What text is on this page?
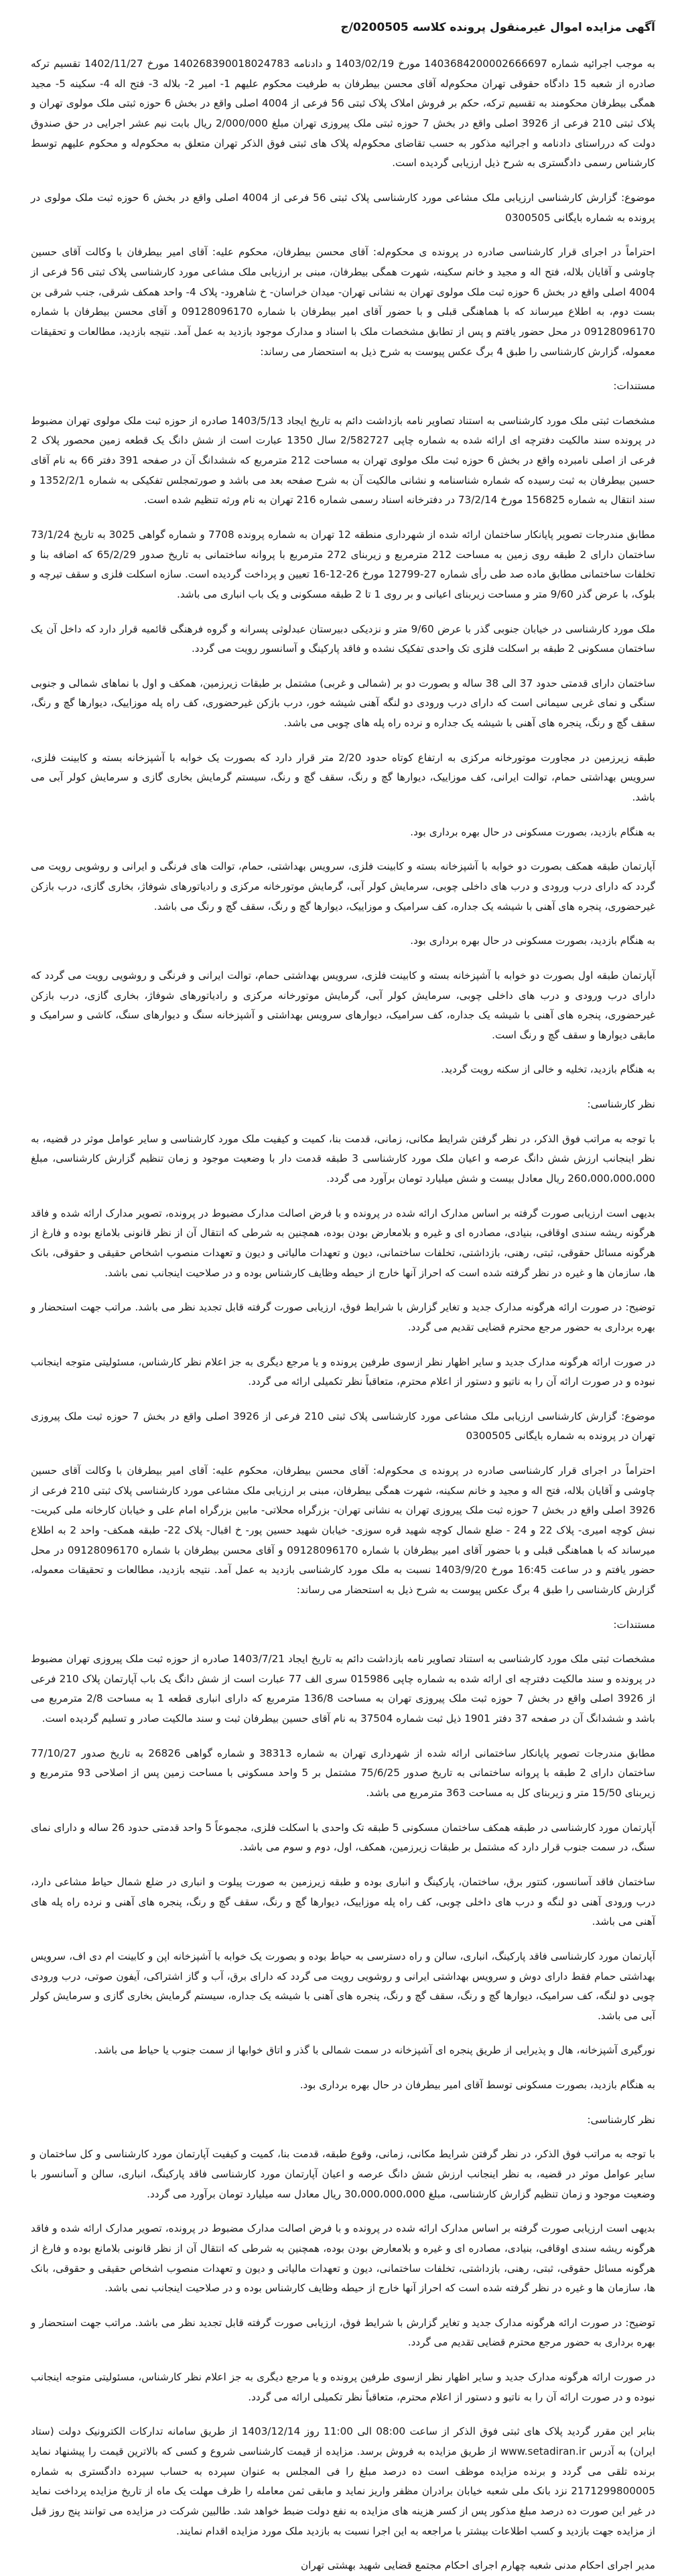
آگهی مزایده اموال غیرمنقول پرونده کلاسه 0200505/ج

به موجب اجرائیه شماره 1403684200002666697 مورخ 1403/02/19 و دادنامه 140268390018024783 مورخ 1402/11/27 تقسیم ترکه صادره از شعبه 15 دادگاه حقوقی تهران محکوم‌له آقای محسن بیطرفان به طرفیت محکوم علیهم 1- امیر 2- بلاله 3- فتح اله 4- سکینه 5- مجید همگی بیطرفان محکومند به تقسیم ترکه، حکم بر فروش املاک پلاک ثبتی 56 فرعی از 4004 اصلی واقع در بخش 6 حوزه ثبتی ملک مولوی تهران و پلاک ثبتی 210 فرعی از 3926 اصلی واقع در بخش 7 حوزه ثبتی ملک پیروزی تهران مبلغ 2/000/000 ریال بابت نیم عشر اجرایی در حق صندوق دولت که درراستای دادنامه و اجرائیه مذکور به حسب تقاضای محکوم‌له پلاک های ثبتی فوق الذکر تهران متعلق به محکوم‌له و محکوم علیهم توسط کارشناس رسمی دادگستری به شرح ذیل ارزیابی گردیده است.

موضوع: گزارش کارشناسی ارزیابی ملک مشاعی مورد کارشناسی پلاک ثبتی 56 فرعی از 4004 اصلی واقع در بخش 6 حوزه ثبت ملک مولوی در پرونده به شماره بایگانی 0300505

احتراماً در اجرای قرار کارشناسی صادره در پرونده ی محکوم‌له: آقای محسن بیطرفان، محکوم علیه: آقای امیر بیطرفان با وکالت آقای حسین چاوشی و آقایان بلاله، فتح اله و مجید و خانم سکینه، شهرت همگی بیطرفان، مبنی بر ارزیابی ملک مشاعی مورد کارشناسی پلاک ثبتی 56 فرعی از 4004 اصلی واقع در بخش 6 حوزه ثبت ملک مولوی تهران به نشانی تهران- میدان خراسان- خ شاهرود- پلاک 4- واحد همکف شرقی، جنب شرقی بن بست دوم، به اطلاع میرساند که با هماهنگی قبلی و با حضور آقای امیر بیطرفان با شماره 09128096170 و آقای محسن بیطرفان با شماره 09128096170 در محل حضور یافتم و پس از تطابق مشخصات ملک با اسناد و مدارک موجود بازدید به عمل آمد. نتیجه بازدید، مطالعات و تحقیقات معموله، گزارش کارشناسی را طبق 4 برگ عکس پیوست به شرح ذیل به استحضار می رساند:

مستندات:

مشخصات ثبتی ملک مورد کارشناسی به استناد تصاویر نامه بازداشت دائم به تاریخ ایجاد 1403/5/13 صادره از حوزه ثبت ملک مولوی تهران مضبوط در پرونده سند مالکیت دفترچه ای ارائه شده به شماره چاپی 2/582727 سال 1350 عبارت است از شش دانگ یک قطعه زمین محصور پلاک 2 فرعی از اصلی نامبرده واقع در بخش 6 حوزه ثبت ملک مولوی تهران به مساحت 212 مترمربع که ششدانگ آن در صفحه 391 دفتر 66 به نام آقای حسین بیطرفان به ثبت رسیده که شماره شناسنامه و نشانی مالکیت آن به شرح صفحه بعد می باشد و صورتمجلس تفکیکی به شماره 1352/2/1 و سند انتقال به شماره 156825 مورخ 73/2/14 در دفترخانه اسناد رسمی شماره 216 تهران به نام ورثه تنظیم شده است.

مطابق مندرجات تصویر پایانکار ساختمان ارائه شده از شهرداری منطقه 12 تهران به شماره پرونده 7708 و شماره گواهی 3025 به تاریخ 73/1/24 ساختمان دارای 2 طبقه روی زمین به مساحت 212 مترمربع و زیربنای 272 مترمربع با پروانه ساختمانی به تاریخ صدور 65/2/29 که اضافه بنا و تخلفات ساختمانی مطابق ماده صد طی رأی شماره 27-12799 مورخ 26-12-16 تعیین و پرداخت گردیده است. سازه اسکلت فلزی و سقف تیرچه و بلوک، با عرض گذر 9/60 متر و مساحت زیربنای اعیانی و بر روی 1 تا 2 طبقه مسکونی و یک باب انباری می باشد.

ملک مورد کارشناسی در خیابان جنوبی گذر با عرض 9/60 متر و نزدیکی دبیرستان عبدلوثی پسرانه و گروه فرهنگی قائمیه قرار دارد که داخل آن یک ساختمان مسکونی 2 طبقه بر اسکلت فلزی تک واحدی تفکیک نشده و فاقد پارکینگ و آسانسور رویت می گردد.

ساختمان دارای قدمتی حدود 37 الی 38 ساله و بصورت دو بر (شمالی و غربی) مشتمل بر طبقات زیرزمین، همکف و اول با نماهای شمالی و جنوبی سنگی و نمای غربی سیمانی است که دارای درب ورودی دو لنگه آهنی شیشه خور، درب بازکن غیرحضوری، کف راه پله موزاییک، دیوارها گچ و رنگ، سقف گچ و رنگ، پنجره های آهنی با شیشه یک جداره و نرده راه پله های چوبی می باشد.

طبقه زیرزمین در مجاورت موتورخانه مرکزی به ارتفاع کوتاه حدود 2/20 متر قرار دارد که بصورت یک خوابه با آشپزخانه بسته و کابینت فلزی، سرویس بهداشتی حمام، توالت ایرانی، کف موزاییک، دیوارها گچ و رنگ، سقف گچ و رنگ، سیستم گرمایش بخاری گازی و سرمایش کولر آبی می باشد.

به هنگام بازدید، بصورت مسکونی در حال بهره برداری بود.

آپارتمان طبقه همکف بصورت دو خوابه با آشپزخانه بسته و کابینت فلزی، سرویس بهداشتی، حمام، توالت های فرنگی و ایرانی و روشویی رویت می گردد که دارای درب ورودی و درب های داخلی چوبی، سرمایش کولر آبی، گرمایش موتورخانه مرکزی و رادیاتورهای شوفاژ، بخاری گازی، درب بازکن غیرحضوری، پنجره های آهنی با شیشه یک جداره، کف سرامیک و موزاییک، دیوارها گچ و رنگ، سقف گچ و رنگ می باشد.

به هنگام بازدید، بصورت مسکونی در حال بهره برداری بود.

آپارتمان طبقه اول بصورت دو خوابه با آشپزخانه بسته و کابینت فلزی، سرویس بهداشتی حمام، توالت ایرانی و فرنگی و روشویی رویت می گردد که دارای درب ورودی و درب های داخلی چوبی، سرمایش کولر آبی، گرمایش موتورخانه مرکزی و رادیاتورهای شوفاژ، بخاری گازی، درب بازکن غیرحضوری، پنجره های آهنی با شیشه یک جداره، کف سرامیک، دیوارهای سرویس بهداشتی و آشپزخانه سنگ و دیوارهای سنگ، کاشی و سرامیک و مابقی دیوارها و سقف گچ و رنگ است.

به هنگام بازدید، تخلیه و خالی از سکنه رویت گردید.

نظر کارشناسی:

با توجه به مراتب فوق الذکر، در نظر گرفتن شرایط مکانی، زمانی، قدمت بنا، کمیت و کیفیت ملک مورد کارشناسی و سایر عوامل موثر در قضیه، به نظر اینجانب ارزش شش دانگ عرصه و اعیان ملک مورد کارشناسی 3 طبقه قدمت دار با وضعیت موجود و زمان تنظیم گزارش کارشناسی، مبلغ 260،000،000،000 ریال معادل بیست و شش میلیارد تومان برآورد می گردد.

بدیهی است ارزیابی صورت گرفته بر اساس مدارک ارائه شده در پرونده و با فرض اصالت مدارک مضبوط در پرونده، تصویر مدارک ارائه شده و فاقد هرگونه ریشه سندی اوقافی، بنیادی، مصادره ای و غیره و بلامعارض بودن بوده، همچنین به شرطی که انتقال آن از نظر قانونی بلامانع بوده و فارغ از هرگونه مسائل حقوقی، ثبتی، رهنی، بازداشتی، تخلفات ساختمانی، دیون و تعهدات مالیاتی و دیون و تعهدات منصوب اشخاص حقیقی و حقوقی، بانک ها، سازمان ها و غیره در نظر گرفته شده است که احراز آنها خارج از حیطه وظایف کارشناس بوده و در صلاحیت اینجانب نمی باشد.

توضیح: در صورت ارائه هرگونه مدارک جدید و تغایر گزارش با شرایط فوق، ارزیابی صورت گرفته قابل تجدید نظر می باشد. مراتب جهت استحضار و بهره برداری به حضور مرجع محترم قضایی تقدیم می گردد.

در صورت ارائه هرگونه مدارک جدید و سایر اظهار نظر ازسوی طرفین پرونده و یا مرجع دیگری به جز اعلام نظر کارشناس، مسئولیتی متوجه اینجانب نبوده و در صورت ارائه آن را به ناتیو و دستور از اعلام محترم، متعاقباً نظر تکمیلی ارائه می گردد.

موضوع: گزارش کارشناسی ارزیابی ملک مشاعی مورد کارشناسی پلاک ثبتی 210 فرعی از 3926 اصلی واقع در بخش 7 حوزه ثبت ملک پیروزی تهران در پرونده به شماره بایگانی 0300505

احتراماً در اجرای قرار کارشناسی صادره در پرونده ی محکوم‌له: آقای محسن بیطرفان، محکوم علیه: آقای امیر بیطرفان با وکالت آقای حسین چاوشی و آقایان بلاله، فتح اله و مجید و خانم سکینه، شهرت همگی بیطرفان، مبنی بر ارزیابی ملک مشاعی مورد کارشناسی پلاک ثبتی 210 فرعی از 3926 اصلی واقع در بخش 7 حوزه ثبت ملک پیروزی تهران به نشانی تهران- بزرگراه محلاتی- مابین بزرگراه امام علی و خیابان کارخانه ملی کبریت- نبش کوچه امیری- پلاک 22 و 24 - ضلع شمال کوچه شهید قره سوزی- خیابان شهید حسین پور- خ اقبال- پلاک 22- طبقه همکف- واحد 2 به اطلاع میرساند که با هماهنگی قبلی و با حضور آقای امیر بیطرفان با شماره 09128096170 و آقای محسن بیطرفان با شماره 09128096170 در محل حضور یافتم و در ساعت 16:45 مورخ 1403/9/20 نسبت به ملک مورد کارشناسی بازدید به عمل آمد. نتیجه بازدید، مطالعات و تحقیقات معموله، گزارش کارشناسی را طبق 4 برگ عکس پیوست به شرح ذیل به استحضار می رساند:

مستندات:

مشخصات ثبتی ملک مورد کارشناسی به استناد تصاویر نامه بازداشت دائم به تاریخ ایجاد 1403/7/21 صادره از حوزه ثبت ملک پیروزی تهران مضبوط در پرونده و سند مالکیت دفترچه ای ارائه شده به شماره چاپی 015986 سری الف 77 عبارت است از شش دانگ یک باب آپارتمان پلاک 210 فرعی از 3926 اصلی واقع در بخش 7 حوزه ثبت ملک پیروزی تهران به مساحت 136/8 مترمربع که دارای انباری قطعه 1 به مساحت 2/8 مترمربع می باشد و ششدانگ آن در صفحه 37 دفتر 1901 ذیل ثبت شماره 37504 به نام آقای حسین بیطرفان ثبت و سند مالکیت صادر و تسلیم گردیده است.

مطابق مندرجات تصویر پایانکار ساختمانی ارائه شده از شهرداری تهران به شماره 38313 و شماره گواهی 26826 به تاریخ صدور 77/10/27 ساختمان دارای 2 طبقه با پروانه ساختمانی به تاریخ صدور 75/6/25 مشتمل بر 5 واحد مسکونی با مساحت زمین پس از اصلاحی 93 مترمربع و زیربنای 15/50 متر و زیربنای کل به مساحت 363 مترمربع می باشد.

آپارتمان مورد کارشناسی در طبقه همکف ساختمان مسکونی 5 طبقه تک واحدی با اسکلت فلزی، مجموعاً 5 واحد قدمتی حدود 26 ساله و دارای نمای سنگ، در سمت جنوب قرار دارد که مشتمل بر طبقات زیرزمین، همکف، اول، دوم و سوم می باشد.

ساختمان فاقد آسانسور، کنتور برق، ساختمان، پارکینگ و انباری بوده و طبقه زیرزمین به صورت پیلوت و انباری در ضلع شمال حیاط مشاعی دارد، درب ورودی آهنی دو لنگه و درب های داخلی چوبی، کف راه پله موزاییک، دیوارها گچ و رنگ، سقف گچ و رنگ، پنجره های آهنی و نرده راه پله های آهنی می باشد.

آپارتمان مورد کارشناسی فاقد پارکینگ، انباری، سالن و راه دسترسی به حیاط بوده و بصورت یک خوابه با آشپزخانه اپن و کابینت ام دی اف، سرویس بهداشتی حمام فقط دارای دوش و سرویس بهداشتی ایرانی و روشویی رویت می گردد که دارای برق، آب و گاز اشتراکی، آیفون صوتی، درب ورودی چوبی دو لنگه، کف سرامیک، دیوارها گچ و رنگ، سقف گچ و رنگ، پنجره های آهنی با شیشه یک جداره، سیستم گرمایش بخاری گازی و سرمایش کولر آبی می باشد.

نورگیری آشپزخانه، هال و پذیرایی از طریق پنجره ای آشپزخانه در سمت شمالی با گذر و اتاق خوابها از سمت جنوب یا حیاط می باشد.

به هنگام بازدید، بصورت مسکونی توسط آقای امیر بیطرفان در حال بهره برداری بود.

نظر کارشناسی:

با توجه به مراتب فوق الذکر، در نظر گرفتن شرایط مکانی، زمانی، وقوع طبقه، قدمت بنا، کمیت و کیفیت آپارتمان مورد کارشناسی و کل ساختمان و سایر عوامل موثر در قضیه، به نظر اینجانب ارزش شش دانگ عرصه و اعیان آپارتمان مورد کارشناسی فاقد پارکینگ، انباری، سالن و آسانسور با وضعیت موجود و زمان تنظیم گزارش کارشناسی، مبلغ 30،000،000،000 ریال معادل سه میلیارد تومان برآورد می گردد.

بدیهی است ارزیابی صورت گرفته بر اساس مدارک ارائه شده در پرونده و با فرض اصالت مدارک مضبوط در پرونده، تصویر مدارک ارائه شده و فاقد هرگونه ریشه سندی اوقافی، بنیادی، مصادره ای و غیره و بلامعارض بودن بوده، همچنین به شرطی که انتقال آن از نظر قانونی بلامانع بوده و فارغ از هرگونه مسائل حقوقی، ثبتی، رهنی، بازداشتی، تخلفات ساختمانی، دیون و تعهدات مالیاتی و دیون و تعهدات منصوب اشخاص حقیقی و حقوقی، بانک ها، سازمان ها و غیره در نظر گرفته شده است که احراز آنها خارج از حیطه وظایف کارشناس بوده و در صلاحیت اینجانب نمی باشد.

توضیح: در صورت ارائه هرگونه مدارک جدید و تغایر گزارش با شرایط فوق، ارزیابی صورت گرفته قابل تجدید نظر می باشد. مراتب جهت استحضار و بهره برداری به حضور مرجع محترم قضایی تقدیم می گردد.

در صورت ارائه هرگونه مدارک جدید و سایر اظهار نظر ازسوی طرفین پرونده و یا مرجع دیگری به جز اعلام نظر کارشناس، مسئولیتی متوجه اینجانب نبوده و در صورت ارائه آن را به ناتیو و دستور از اعلام محترم، متعاقباً نظر تکمیلی ارائه می گردد.

بنابر این مقرر گردید پلاک های ثبتی فوق الذکر از ساعت 08:00 الی 11:00 روز 1403/12/14 از طریق سامانه تدارکات الکترونیک دولت (ستاد ایران) به آدرس www.setadiran.ir از طریق مزایده به فروش برسد. مزایده از قیمت کارشناسی شروع و کسی که بالاترین قیمت را پیشنهاد نماید برنده تلقی می گردد و برنده مزایده موظف است ده درصد مبلغ را فی المجلس به عنوان سپرده به حساب سپرده دادگستری به شماره 2171299800005 نزد بانک ملی شعبه خیابان برادران مظفر واریز نماید و مابقی ثمن معامله را ظرف مهلت یک ماه از تاریخ مزایده پرداخت نماید در غیر این صورت ده درصد مبلغ مذکور پس از کسر هزینه های مزایده به نفع دولت ضبط خواهد شد. طالبین شرکت در مزایده می توانند پنج روز قبل از مزایده جهت بازدید و کسب اطلاعات بیشتر با مراجعه به این اجرا نسبت به بازدید ملک مورد مزایده اقدام نمایند.

مدیر اجرای احکام مدنی شعبه چهارم اجرای احکام مجتمع قضایی شهید بهشتی تهران
